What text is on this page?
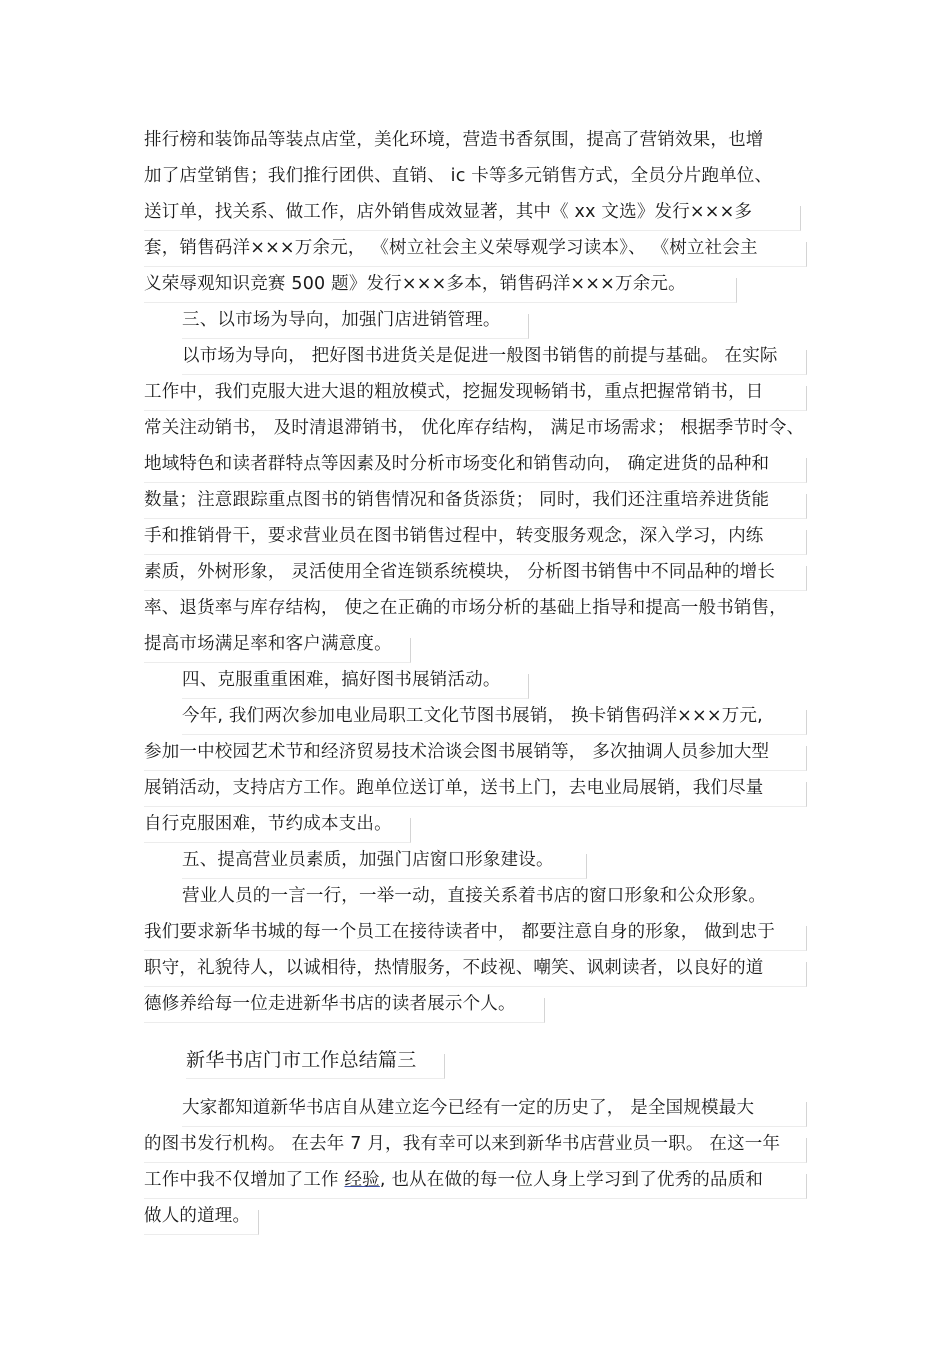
排行榜和装饰品等装点店堂，美化环境，营造书香氛围，提高了营销效果，也增
加了店堂销售；我们推行团供、直销、 ic 卡等多元销售方式，全员分片跑单位、
送订单，找关系、做工作，店外销售成效显著，其中《 xx 文选》发行×××多
套，销售码洋×××万余元， 《树立社会主义荣辱观学习读本》、 《树立社会主
义荣辱观知识竞赛 500 题》发行×××多本，销售码洋×××万余元。
三、以市场为导向，加强门店进销管理。
以市场为导向， 把好图书进货关是促进一般图书销售的前提与基础。 在实际
工作中，我们克服大进大退的粗放模式，挖掘发现畅销书，重点把握常销书，日
常关注动销书， 及时清退滞销书， 优化库存结构， 满足市场需求； 根据季节时令、
地域特色和读者群特点等因素及时分析市场变化和销售动向， 确定进货的品种和
数量；注意跟踪重点图书的销售情况和备货添货； 同时，我们还注重培养进货能
手和推销骨干，要求营业员在图书销售过程中，转变服务观念，深入学习，内练
素质，外树形象， 灵活使用全省连锁系统模块， 分析图书销售中不同品种的增长
率、退货率与库存结构， 使之在正确的市场分析的基础上指导和提高一般书销售，
提高市场满足率和客户满意度。
四、克服重重困难，搞好图书展销活动。
今年, 我们两次参加电业局职工文化节图书展销， 换卡销售码洋×××万元,
参加一中校园艺术节和经济贸易技术洽谈会图书展销等， 多次抽调人员参加大型
展销活动，支持店方工作。跑单位送订单，送书上门，去电业局展销，我们尽量
自行克服困难，节约成本支出。
五、提高营业员素质，加强门店窗口形象建设。
营业人员的一言一行，一举一动，直接关系着书店的窗口形象和公众形象。
我们要求新华书城的每一个员工在接待读者中， 都要注意自身的形象， 做到忠于
职守，礼貌待人，以诚相待，热情服务，不歧视、嘲笑、讽刺读者，以良好的道
德修养给每一位走进新华书店的读者展示个人。
新华书店门市工作总结篇三
大家都知道新华书店自从建立迄今已经有一定的历史了， 是全国规模最大
的图书发行机构。 在去年 7 月，我有幸可以来到新华书店营业员一职。 在这一年
工作中我不仅增加了工作 经验, 也从在做的每一位人身上学习到了优秀的品质和
做人的道理。
